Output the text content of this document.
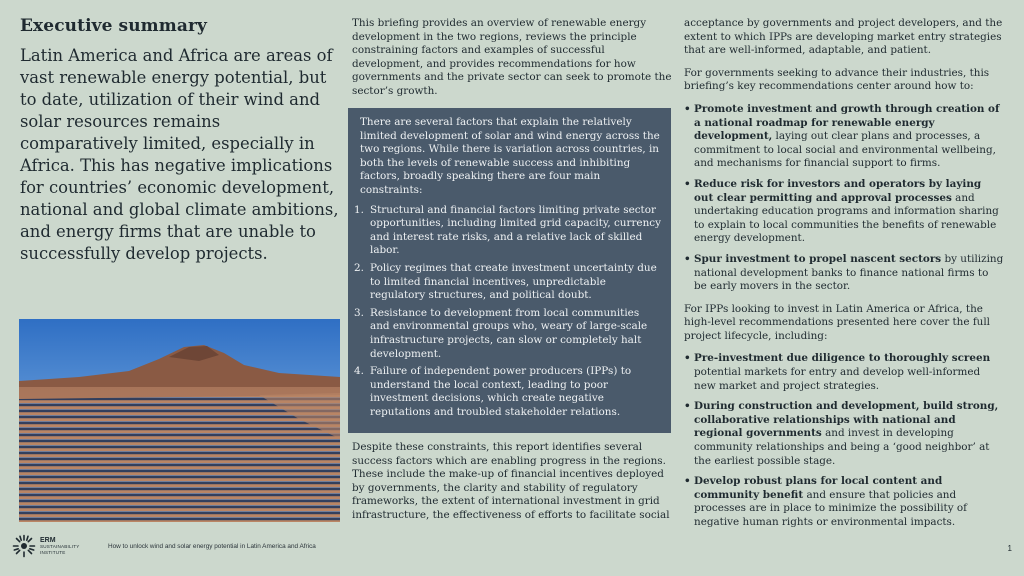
Executive summary

Latin America and Africa are areas of vast renewable energy potential, but to date, utilization of their wind and solar resources remains comparatively limited, especially in Africa. This has negative implications for countries’ economic development, national and global climate ambitions, and energy firms that are unable to successfully develop projects.

This briefing provides an overview of renewable energy development in the two regions, reviews the principle constraining factors and examples of successful development, and provides recommendations for how governments and the private sector can seek to promote the sector’s growth.

There are several factors that explain the relatively limited development of solar and wind energy across the two regions. While there is variation across countries, in both the levels of renewable success and inhibiting factors, broadly speaking there are four main constraints:

1. Structural and financial factors limiting private sector opportunities, including limited grid capacity, currency and interest rate risks, and a relative lack of skilled labor.
2. Policy regimes that create investment uncertainty due to limited financial incentives, unpredictable regulatory structures, and political doubt.
3. Resistance to development from local communities and environmental groups who, weary of large-scale infrastructure projects, can slow or completely halt development.
4. Failure of independent power producers (IPPs) to understand the local context, leading to poor investment decisions, which create negative reputations and troubled stakeholder relations.

Despite these constraints, this report identifies several success factors which are enabling progress in the regions. These include the make-up of financial incentives deployed by governments, the clarity and stability of regulatory frameworks, the extent of international investment in grid infrastructure, the effectiveness of efforts to facilitate social

acceptance by governments and project developers, and the extent to which IPPs are developing market entry strategies that are well-informed, adaptable, and patient.

For governments seeking to advance their industries, this briefing’s key recommendations center around how to:

• Promote investment and growth through creation of a national roadmap for renewable energy development, laying out clear plans and processes, a commitment to local social and environmental wellbeing, and mechanisms for financial support to firms.
• Reduce risk for investors and operators by laying out clear permitting and approval processes and undertaking education programs and information sharing to explain to local communities the benefits of renewable energy development.
• Spur investment to propel nascent sectors by utilizing national development banks to finance national firms to be early movers in the sector.

For IPPs looking to invest in Latin America or Africa, the high-level recommendations presented here cover the full project lifecycle, including:

• Pre-investment due diligence to thoroughly screen potential markets for entry and develop well-informed new market and project strategies.
• During construction and development, build strong, collaborative relationships with national and regional governments and invest in developing community relationships and being a ‘good neighbor’ at the earliest possible stage.
• Develop robust plans for local content and community benefit and ensure that policies and processes are in place to minimize the possibility of negative human rights or environmental impacts.
ERM
SUSTAINABILITY
INSTITUTE
How to unlock wind and solar energy potential in Latin America and Africa	1
